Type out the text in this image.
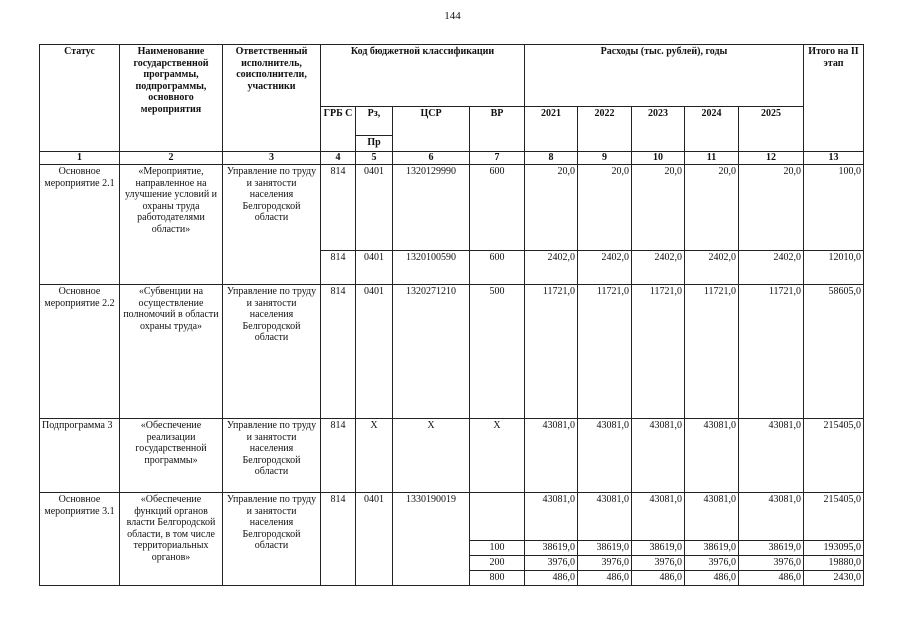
144
Статус	Наименование государственной программы, подпрограммы, основного мероприятия	Ответственный исполнитель, соисполнители, участники	Код бюджетной классификации				Расходы (тыс. рублей), годы					Итого на II этап
			ГРБ С	Рз,	ЦСР	ВР	2021	2022	2023	2024	2025	
				Пр								
1	2	3	4	5	6	7	8	9	10	11	12	13
Основное мероприятие 2.1	«Мероприятие, направленное на улучшение условий и охраны труда работодателями области»	Управление по труду и занятости населения Белгородской области	814	0401	1320129990	600	20,0	20,0	20,0	20,0	20,0	100,0
			814	0401	1320100590	600	2402,0	2402,0	2402,0	2402,0	2402,0	12010,0
Основное мероприятие 2.2	«Субвенции на осуществление полномочий в области охраны труда»	Управление по труду и занятости населения Белгородской области	814	0401	1320271210	500	11721,0	11721,0	11721,0	11721,0	11721,0	58605,0
Подпрограмма 3	«Обеспечение реализации государственной программы»	Управление по труду и занятости населения Белгородской области	814	X	X	X	43081,0	43081,0	43081,0	43081,0	43081,0	215405,0
Основное мероприятие 3.1	«Обеспечение функций органов власти Белгородской области, в том числе территориальных органов»	Управление по труду и занятости населения Белгородской области	814	0401	1330190019		43081,0	43081,0	43081,0	43081,0	43081,0	215405,0
						100	38619,0	38619,0	38619,0	38619,0	38619,0	193095,0
						200	3976,0	3976,0	3976,0	3976,0	3976,0	19880,0
						800	486,0	486,0	486,0	486,0	486,0	2430,0
